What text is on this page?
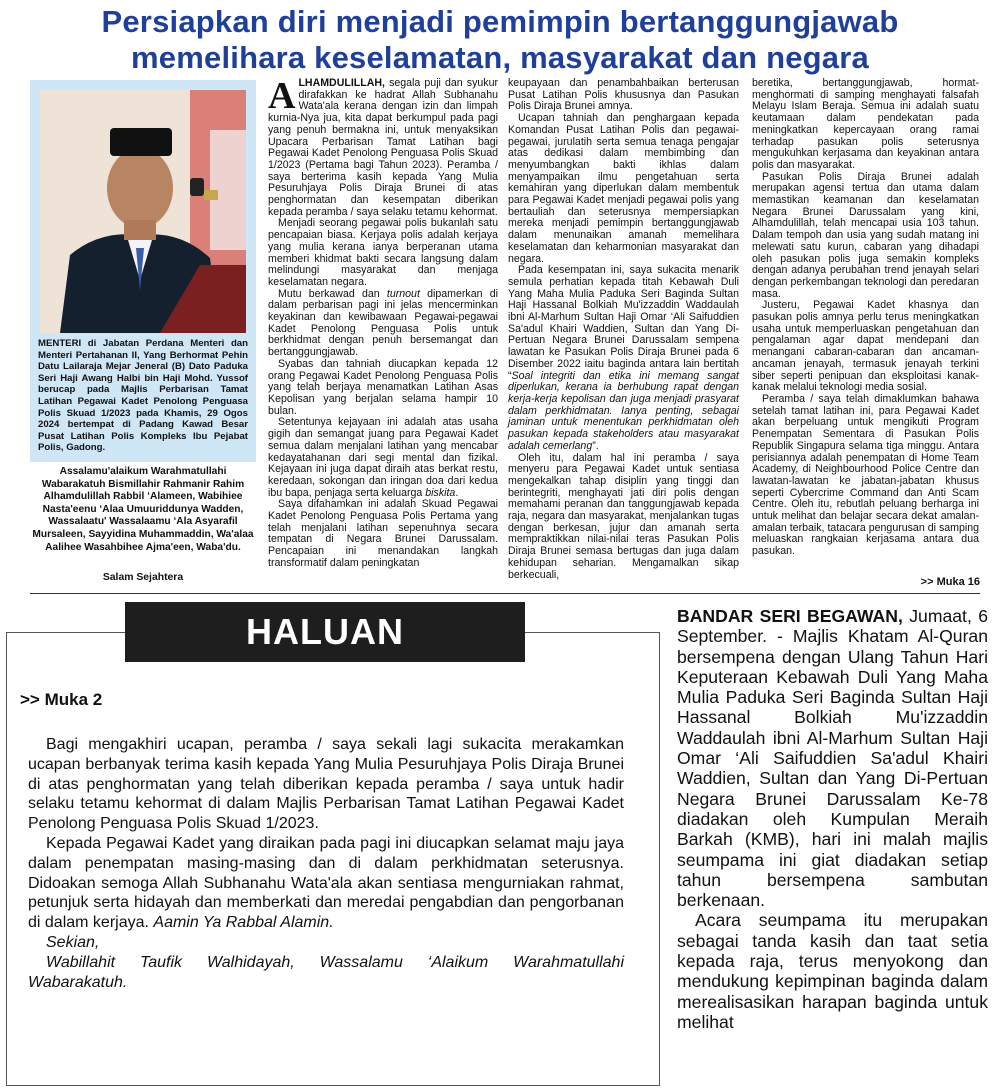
Persiapkan diri menjadi pemimpin bertanggungjawab
memelihara keselamatan, masyarakat dan negara
MENTERI di Jabatan Perdana Menteri dan Menteri Pertahanan II, Yang Berhormat Pehin Datu Lailaraja Mejar Jeneral (B) Dato Paduka Seri Haji Awang Halbi bin Haji Mohd. Yussof berucap pada Majlis Perbarisan Tamat Latihan Pegawai Kadet Penolong Penguasa Polis Skuad 1/2023 pada Khamis, 29 Ogos 2024 bertempat di Padang Kawad Besar Pusat Latihan Polis Kompleks Ibu Pejabat Polis, Gadong.
Assalamu'alaikum Warahmatullahi Wabarakatuh Bismillahir Rahmanir Rahim Alhamdulillah Rabbil ‘Alameen, Wabihiee Nasta'eenu ‘Alaa Umuuriddunya Wadden, Wassalaatu' Wassalaamu ‘Ala Asyarafil Mursaleen, Sayyidina Muhammaddin, Wa'alaa Aalihee Wasahbihee Ajma'een, Waba'du.
Salam Sejahtera

ALHAMDULILLAH, segala puji dan syukur dirafakkan ke hadrat Allah Subhanahu Wata'ala kerana dengan izin dan limpah kurnia-Nya jua, kita dapat berkumpul pada pagi yang penuh bermakna ini, untuk menyaksikan Upacara Perbarisan Tamat Latihan bagi Pegawai Kadet Penolong Penguasa Polis Skuad 1/2023 (Pertama bagi Tahun 2023). Peramba / saya berterima kasih kepada Yang Mulia Pesuruhjaya Polis Diraja Brunei di atas penghormatan dan kesempatan diberikan kepada peramba / saya selaku tetamu kehormat.

Menjadi seorang pegawai polis bukanlah satu pencapaian biasa. Kerjaya polis adalah kerjaya yang mulia kerana ianya berperanan utama memberi khidmat bakti secara langsung dalam melindungi masyarakat dan menjaga keselamatan negara.

Mutu berkawad dan turnout dipamerkan di dalam perbarisan pagi ini jelas mencerminkan keyakinan dan kewibawaan Pegawai-pegawai Kadet Penolong Penguasa Polis untuk berkhidmat dengan penuh bersemangat dan bertanggungjawab.

Syabas dan tahniah diucapkan kepada 12 orang Pegawai Kadet Penolong Penguasa Polis yang telah berjaya menamatkan Latihan Asas Kepolisan yang berjalan selama hampir 10 bulan.

Setentunya kejayaan ini adalah atas usaha gigih dan semangat juang para Pegawai Kadet semua dalam menjalani latihan yang mencabar kedayatahanan dari segi mental dan fizikal. Kejayaan ini juga dapat diraih atas berkat restu, keredaan, sokongan dan iringan doa dari kedua ibu bapa, penjaga serta keluarga biskita.

Saya difahamkan ini adalah Skuad Pegawai Kadet Penolong Penguasa Polis Pertama yang telah menjalani latihan sepenuhnya secara tempatan di Negara Brunei Darussalam. Pencapaian ini menandakan langkah transformatif dalam peningkatan

keupayaan dan penambahbaikan berterusan Pusat Latihan Polis khususnya dan Pasukan Polis Diraja Brunei amnya.

Ucapan tahniah dan penghargaan kepada Komandan Pusat Latihan Polis dan pegawai-pegawai, jurulatih serta semua tenaga pengajar atas dedikasi dalam membimbing dan menyumbangkan bakti ikhlas dalam menyampaikan ilmu pengetahuan serta kemahiran yang diperlukan dalam membentuk para Pegawai Kadet menjadi pegawai polis yang bertauliah dan seterusnya mempersiapkan mereka menjadi pemimpin bertanggungjawab dalam menunaikan amanah memelihara keselamatan dan keharmonian masyarakat dan negara.

Pada kesempatan ini, saya sukacita menarik semula perhatian kepada titah Kebawah Duli Yang Maha Mulia Paduka Seri Baginda Sultan Haji Hassanal Bolkiah Mu'izzaddin Waddaulah ibni Al-Marhum Sultan Haji Omar ‘Ali Saifuddien Sa'adul Khairi Waddien, Sultan dan Yang Di-Pertuan Negara Brunei Darussalam sempena lawatan ke Pasukan Polis Diraja Brunei pada 6 Disember 2022 iaitu baginda antara lain bertitah “Soal integriti dan etika ini memang sangat diperlukan, kerana ia berhubung rapat dengan kerja-kerja kepolisan dan juga menjadi prasyarat dalam perkhidmatan. Ianya penting, sebagai jaminan untuk menentukan perkhidmatan oleh pasukan kepada stakeholders atau masyarakat adalah cemerlang”.

Oleh itu, dalam hal ini peramba / saya menyeru para Pegawai Kadet untuk sentiasa mengekalkan tahap disiplin yang tinggi dan berintegriti, menghayati jati diri polis dengan memahami peranan dan tanggungjawab kepada raja, negara dan masyarakat, menjalankan tugas dengan berkesan, jujur dan amanah serta mempraktikkan nilai-nilai teras Pasukan Polis Diraja Brunei semasa bertugas dan juga dalam kehidupan seharian. Mengamalkan sikap berkecuali,

beretika, bertanggungjawab, hormat-menghormati di samping menghayati falsafah Melayu Islam Beraja. Semua ini adalah suatu keutamaan dalam pendekatan pada meningkatkan kepercayaan orang ramai terhadap pasukan polis seterusnya mengukuhkan kerjasama dan keyakinan antara polis dan masyarakat.

Pasukan Polis Diraja Brunei adalah merupakan agensi tertua dan utama dalam memastikan keamanan dan keselamatan Negara Brunei Darussalam yang kini, Alhamdulillah, telah mencapai usia 103 tahun. Dalam tempoh dan usia yang sudah matang ini melewati satu kurun, cabaran yang dihadapi oleh pasukan polis juga semakin kompleks dengan adanya perubahan trend jenayah selari dengan perkembangan teknologi dan peredaran masa.

Justeru, Pegawai Kadet khasnya dan pasukan polis amnya perlu terus meningkatkan usaha untuk memperluaskan pengetahuan dan pengalaman agar dapat mendepani dan menangani cabaran-cabaran dan ancaman-ancaman jenayah, termasuk jenayah terkini siber seperti penipuan dan eksploitasi kanak-kanak melalui teknologi media sosial.

Peramba / saya telah dimaklumkan bahawa setelah tamat latihan ini, para Pegawai Kadet akan berpeluang untuk mengikuti Program Penempatan Sementara di Pasukan Polis Republik Singapura selama tiga minggu. Antara perisiannya adalah penempatan di Home Team Academy, di Neighbourhood Police Centre dan lawatan-lawatan ke jabatan-jabatan khusus seperti Cybercrime Command dan Anti Scam Centre. Oleh itu, rebutlah peluang berharga ini untuk melihat dan belajar secara dekat amalan-amalan terbaik, tatacara pengurusan di samping meluaskan rangkaian kerjasama antara dua pasukan.

>> Muka 16
HALUAN
>> Muka 2

Bagi mengakhiri ucapan, peramba / saya sekali lagi sukacita merakamkan ucapan berbanyak terima kasih kepada Yang Mulia Pesuruhjaya Polis Diraja Brunei di atas penghormatan yang telah diberikan kepada peramba / saya untuk hadir selaku tetamu kehormat di dalam Majlis Perbarisan Tamat Latihan Pegawai Kadet Penolong Penguasa Polis Skuad 1/2023.

Kepada Pegawai Kadet yang diraikan pada pagi ini diucapkan selamat maju jaya dalam penempatan masing-masing dan di dalam perkhidmatan seterusnya. Didoakan semoga Allah Subhanahu Wata'ala akan sentiasa mengurniakan rahmat, petunjuk serta hidayah dan memberkati dan meredai pengabdian dan pengorbanan di dalam kerjaya. Aamin Ya Rabbal Alamin.

Sekian,

Wabillahit Taufik Walhidayah, Wassalamu ‘Alaikum Warahmatullahi Wabarakatuh.

BANDAR SERI BEGAWAN, Jumaat, 6 September. - Majlis Khatam Al-Quran bersempena dengan Ulang Tahun Hari Keputeraan Kebawah Duli Yang Maha Mulia Paduka Seri Baginda Sultan Haji Hassanal Bolkiah Mu'izzaddin Waddaulah ibni Al-Marhum Sultan Haji Omar ‘Ali Saifuddien Sa'adul Khairi Waddien, Sultan dan Yang Di-Pertuan Negara Brunei Darussalam Ke-78 diadakan oleh Kumpulan Meraih Barkah (KMB), hari ini malah majlis seumpama ini giat diadakan setiap tahun bersempena sambutan berkenaan.

Acara seumpama itu merupakan sebagai tanda kasih dan taat setia kepada raja, terus menyokong dan mendukung kepimpinan baginda dalam merealisasikan harapan baginda untuk melihat
